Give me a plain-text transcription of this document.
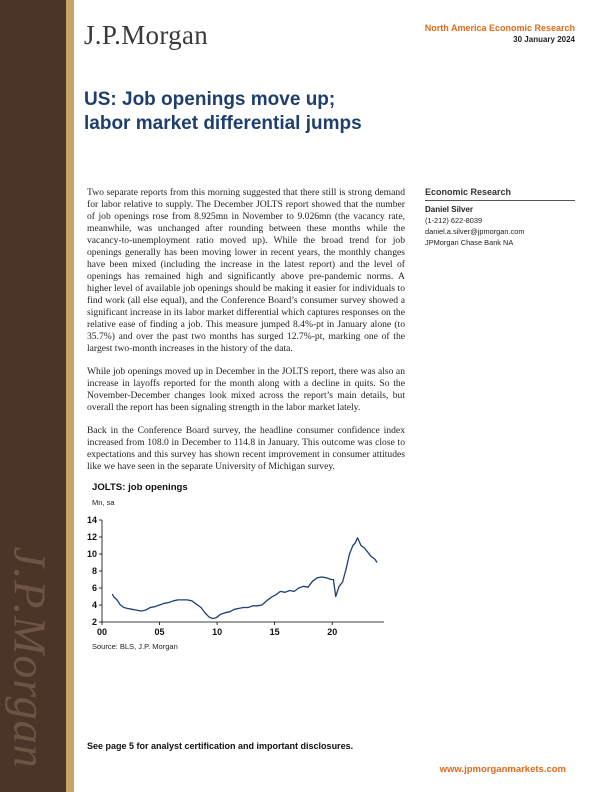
J.P.Morgan
J.P.Morgan	North America Economic Research
30 January 2024
US: Job openings move up; labor market differential jumps

Two separate reports from this morning suggested that there still is strong demand for labor relative to supply. The December JOLTS report showed that the number of job openings rose from 8.925mn in November to 9.026mn (the vacancy rate, meanwhile, was unchanged after rounding between these months while the vacancy-to-unemployment ratio moved up). While the broad trend for job openings generally has been moving lower in recent years, the monthly changes have been mixed (including the increase in the latest report) and the level of openings has remained high and significantly above pre-pandemic norms. A higher level of available job openings should be making it easier for individuals to find work (all else equal), and the Conference Board’s consumer survey showed a significant increase in its labor market differential which captures responses on the relative ease of finding a job. This measure jumped 8.4%-pt in January alone (to 35.7%) and over the past two months has surged 12.7%-pt, marking one of the largest two-month increases in the history of the data.

While job openings moved up in December in the JOLTS report, there was also an increase in layoffs reported for the month along with a decline in quits. So the November-December changes look mixed across the report’s main details, but overall the report has been signaling strength in the labor market lately.

Back in the Conference Board survey, the headline consumer confidence index increased from 108.0 in December to 114.8 in January. This outcome was close to expectations and this survey has shown recent improvement in consumer attitudes like we have seen in the separate University of Michigan survey.

Economic Research
Daniel Silver
(1-212) 622-8039
daniel.a.silver@jpmorgan.com
JPMorgan Chase Bank NA
JOLTS: job openings
Mn, sa
2
4
6
8
10
12
14
00	05	10	15	20
Source: BLS, J.P. Morgan
See page 5 for analyst certification and important disclosures.
www.jpmorganmarkets.com
